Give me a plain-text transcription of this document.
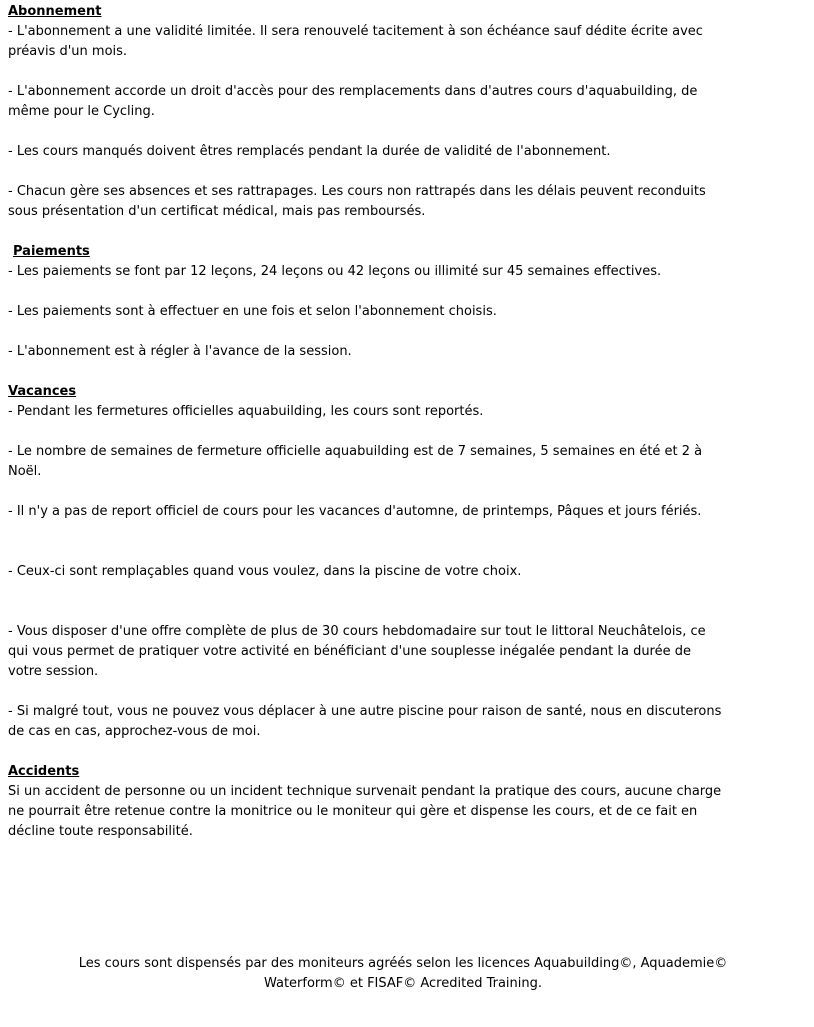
Abonnement

- L'abonnement a une validité limitée. Il sera renouvelé tacitement à son échéance sauf dédite écrite avec
préavis d'un mois.

- L'abonnement accorde un droit d'accès pour des remplacements dans d'autres cours d'aquabuilding, de
même pour le Cycling.

- Les cours manqués doivent êtres remplacés pendant la durée de validité de l'abonnement.

- Chacun gère ses absences et ses rattrapages. Les cours non rattrapés dans les délais peuvent reconduits
sous présentation d'un certificat médical, mais pas remboursés.

Paiements

- Les paiements se font par 12 leçons, 24 leçons ou 42 leçons ou illimité sur 45 semaines effectives.

- Les paiements sont à effectuer en une fois et selon l'abonnement choisis.

- L'abonnement est à régler à l'avance de la session.

Vacances

- Pendant les fermetures officielles aquabuilding, les cours sont reportés.

- Le nombre de semaines de fermeture officielle aquabuilding est de 7 semaines, 5 semaines en été et 2 à
Noël.

- Il n'y a pas de report officiel de cours pour les vacances d'automne, de printemps, Pâques et jours fériés.

- Ceux-ci sont remplaçables quand vous voulez, dans la piscine de votre choix.

- Vous disposer d'une offre complète de plus de 30 cours hebdomadaire sur tout le littoral Neuchâtelois, ce
qui vous permet de pratiquer votre activité en bénéficiant d'une souplesse inégalée pendant la durée de
votre session.

- Si malgré tout, vous ne pouvez vous déplacer à une autre piscine pour raison de santé, nous en discuterons
de cas en cas, approchez-vous de moi.

Accidents

Si un accident de personne ou un incident technique survenait pendant la pratique des cours, aucune charge
ne pourrait être retenue contre la monitrice ou le moniteur qui gère et dispense les cours, et de ce fait en
décline toute responsabilité.

Les cours sont dispensés par des moniteurs agréés selon les licences Aquabuilding©, Aquademie©
Waterform© et FISAF© Acredited Training.
